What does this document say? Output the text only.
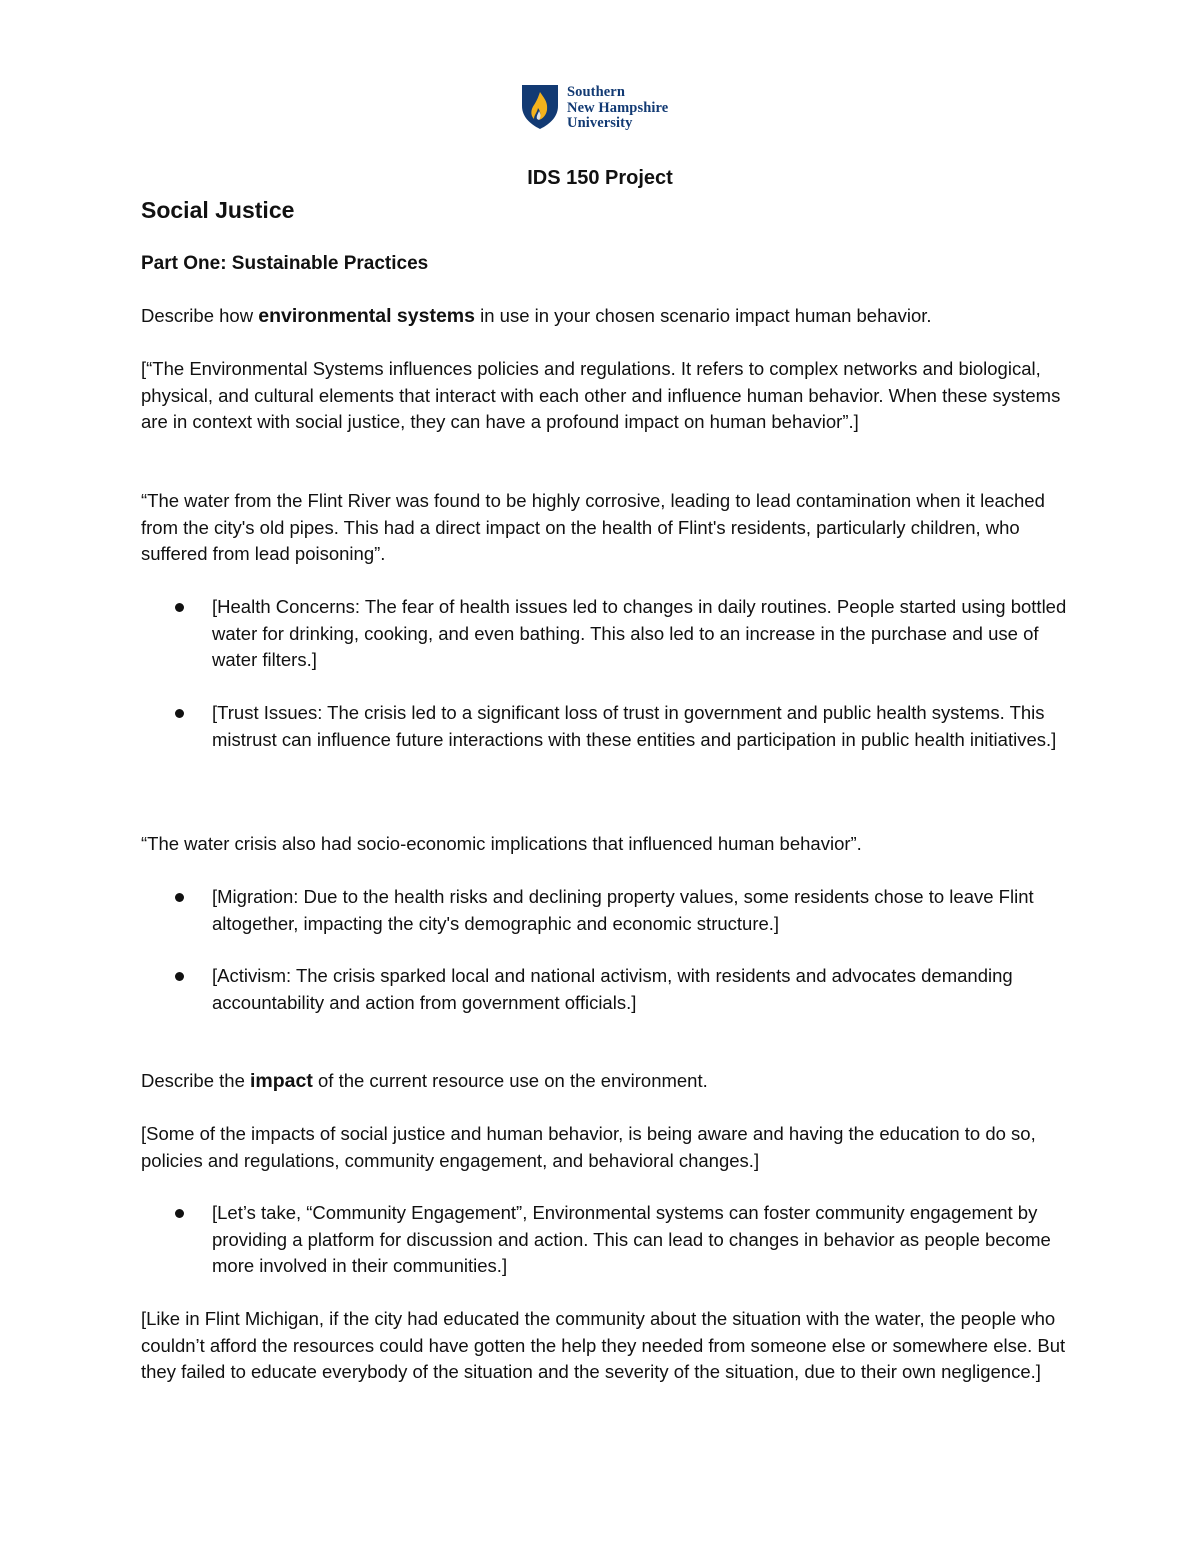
Southern
New Hampshire
University
IDS 150 Project
Social Justice
Part One: Sustainable Practices
Describe how environmental systems in use in your chosen scenario impact human behavior.
[“The Environmental Systems influences policies and regulations. It refers to complex networks and biological, physical, and cultural elements that interact with each other and influence human behavior. When these systems are in context with social justice, they can have a profound impact on human behavior”.]
“The water from the Flint River was found to be highly corrosive, leading to lead contamination when it leached from the city's old pipes. This had a direct impact on the health of Flint's residents, particularly children, who suffered from lead poisoning”.
[Health Concerns: The fear of health issues led to changes in daily routines. People started using bottled water for drinking, cooking, and even bathing. This also led to an increase in the purchase and use of water filters.]
[Trust Issues: The crisis led to a significant loss of trust in government and public health systems. This mistrust can influence future interactions with these entities and participation in public health initiatives.]
“The water crisis also had socio-economic implications that influenced human behavior”.
[Migration: Due to the health risks and declining property values, some residents chose to leave Flint altogether, impacting the city's demographic and economic structure.]
[Activism: The crisis sparked local and national activism, with residents and advocates demanding accountability and action from government officials.]
Describe the impact of the current resource use on the environment.
[Some of the impacts of social justice and human behavior, is being aware and having the education to do so, policies and regulations, community engagement, and behavioral changes.]
[Let’s take, “Community Engagement”, Environmental systems can foster community engagement by providing a platform for discussion and action. This can lead to changes in behavior as people become more involved in their communities.]
[Like in Flint Michigan, if the city had educated the community about the situation with the water, the people who couldn’t afford the resources could have gotten the help they needed from someone else or somewhere else. But they failed to educate everybody of the situation and the severity of the situation, due to their own negligence.]
